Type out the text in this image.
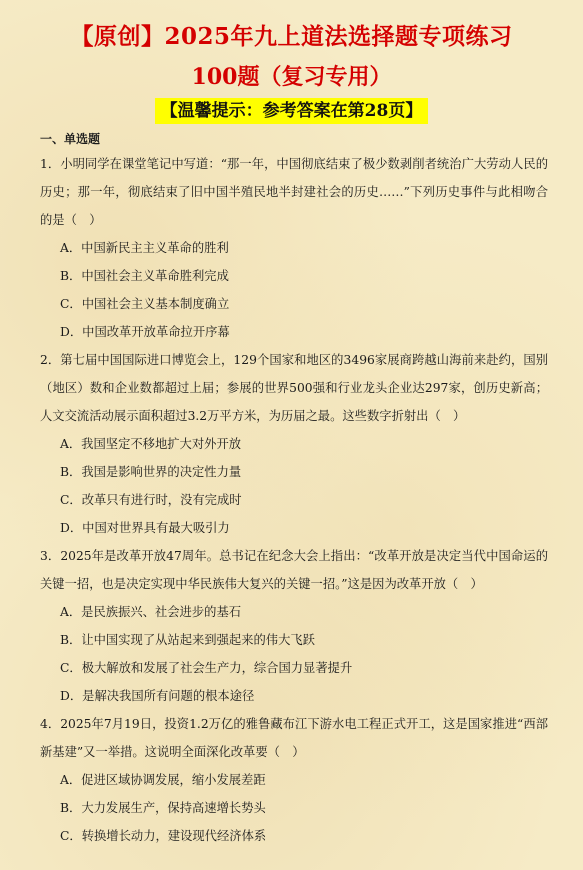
【原创】2025年九上道法选择题专项练习
100题（复习专用）
【温馨提示：参考答案在第28页】
一、单选题

1．小明同学在课堂笔记中写道：“那一年，中国彻底结束了极少数剥削者统治广大劳动人民的历史；那一年，彻底结束了旧中国半殖民地半封建社会的历史……”下列历史事件与此相吻合的是（　）

A．中国新民主主义革命的胜利

B．中国社会主义革命胜利完成

C．中国社会主义基本制度确立

D．中国改革开放革命拉开序幕

2．第七届中国国际进口博览会上，129个国家和地区的3496家展商跨越山海前来赴约，国别（地区）数和企业数都超过上届；参展的世界500强和行业龙头企业达297家，创历史新高；人文交流活动展示面积超过3.2万平方米，为历届之最。这些数字折射出（　）

A．我国坚定不移地扩大对外开放

B．我国是影响世界的决定性力量

C．改革只有进行时，没有完成时

D．中国对世界具有最大吸引力

3．2025年是改革开放47周年。总书记在纪念大会上指出：“改革开放是决定当代中国命运的关键一招，也是决定实现中华民族伟大复兴的关键一招。”这是因为改革开放（　）

A．是民族振兴、社会进步的基石

B．让中国实现了从站起来到强起来的伟大飞跃

C．极大解放和发展了社会生产力，综合国力显著提升

D．是解决我国所有问题的根本途径

4．2025年7月19日，投资1.2万亿的雅鲁藏布江下游水电工程正式开工，这是国家推进“西部新基建”又一举措。这说明全面深化改革要（　）

A．促进区域协调发展，缩小发展差距

B．大力发展生产，保持高速增长势头

C．转换增长动力，建设现代经济体系
